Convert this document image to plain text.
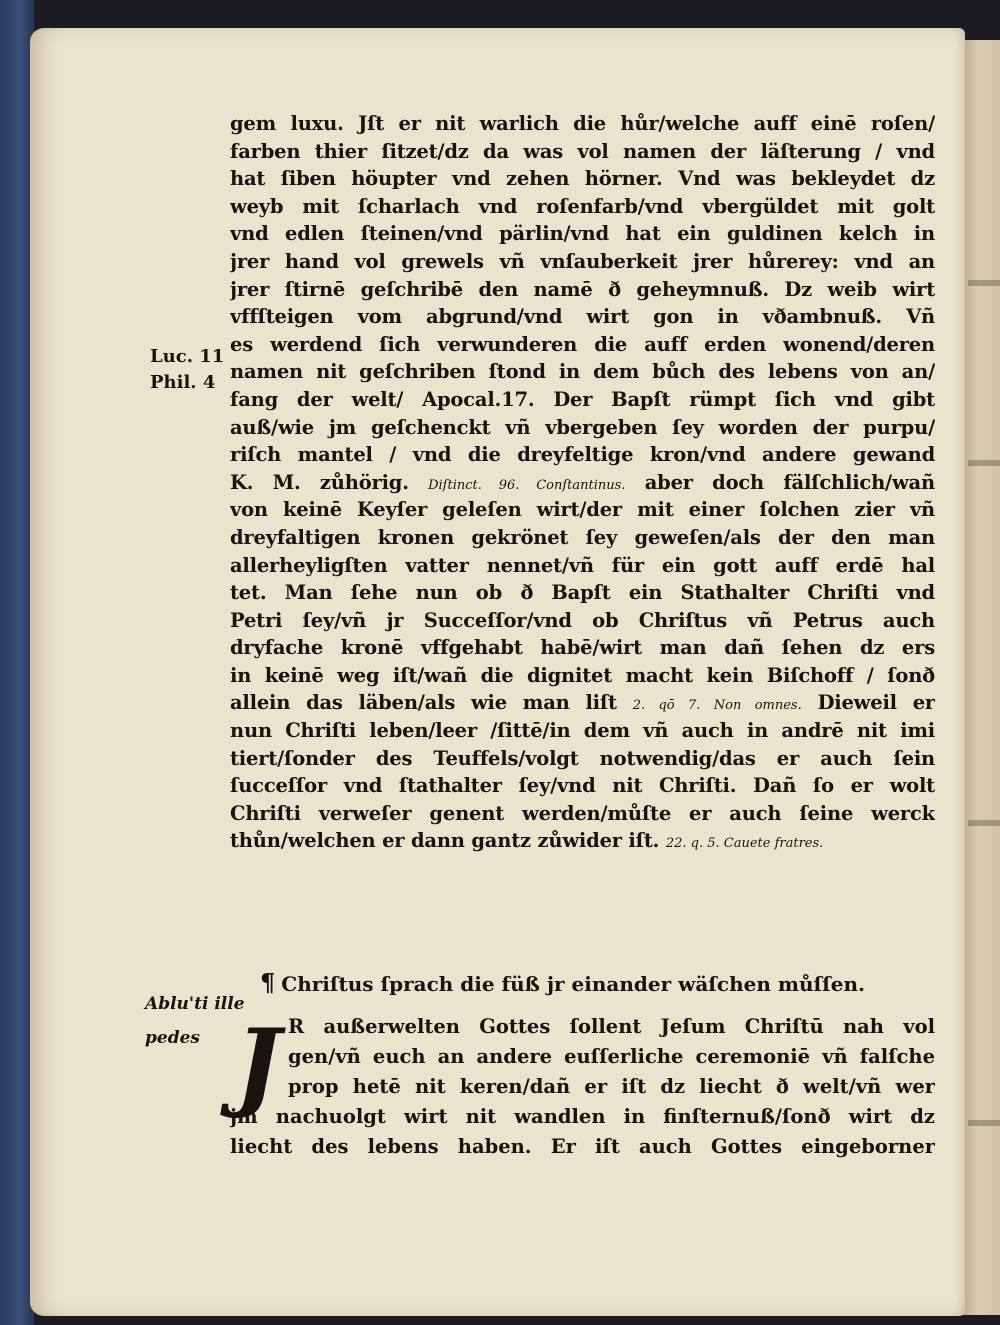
Luc. 11
Phil. 4
gem luxu. Jſt er nit warlich die hůr/welche auff einē roſen/
farben thier ſitzet/dz da was vol namen der läſterung / vnd
hat ſiben höupter vnd zehen hörner. Vnd was bekleydet dz
weyb mit ſcharlach vnd roſenfarb/vnd vbergüldet mit golt
vnd edlen ſteinen/vnd pärlin/vnd hat ein guldinen kelch in
jrer hand vol grewels vñ vnſauberkeit jrer hůrerey: vnd an
jrer ſtirnē geſchribē den namē ð geheymnuß. Dz weib wirt
vffſteigen vom abgrund/vnd wirt gon in vðambnuß. Vñ
es werdend ſich verwunderen die auff erden wonend/deren
namen nit geſchriben ſtond in dem bůch des lebens von an/
fang der welt/ Apocal.17. Der Bapſt rümpt ſich vnd gibt
auß/wie jm geſchenckt vñ vbergeben ſey worden der purpu/
riſch mantel / vnd die dreyfeltige kron/vnd andere gewand
K. M. zůhörig. Diſtinct. 96. Conſtantinus. aber doch fälſchlich/wañ
von keinē Keyſer geleſen wirt/der mit einer ſolchen zier vñ
dreyfaltigen kronen gekrönet ſey geweſen/als der den man
allerheyligſten vatter nennet/vñ für ein gott auff erdē hal
tet. Man ſehe nun ob ð Bapſt ein Stathalter Chriſti vnd
Petri ſey/vñ jr Succeſſor/vnd ob Chriſtus vñ Petrus auch
dryfache kronē vffgehabt habē/wirt man dañ ſehen dz ers
in keinē weg iſt/wañ die dignitet macht kein Biſchoff / ſonð
allein das läben/als wie man liſt 2. qō 7. Non omnes. Dieweil er
nun Chriſti leben/leer /ſittē/in dem vñ auch in andrē nit imi
tiert/ſonder des Teuffels/volgt notwendig/das er auch ſein
ſucceſſor vnd ſtathalter ſey/vnd nit Chriſti. Dañ ſo er wolt
Chriſti verweſer genent werden/můſte er auch ſeine werck
thůn/welchen er dann gantz zůwider iſt. 22. q. 5. Cauete fratres.
Ablu'ti ille
pedes
¶ Chriſtus ſprach die füß jr einander wäſchen můſſen.
J R außerwelten Gottes ſollent Jeſum Chriſtū nah vol
gen/vñ euch an andere euſſerliche ceremoniē vñ falſche
prop hetē nit keren/dañ er iſt dz liecht ð welt/vñ wer
jm nachuolgt wirt nit wandlen in finſternuß/ſonð wirt dz
liecht des lebens haben. Er iſt auch Gottes eingeborner
